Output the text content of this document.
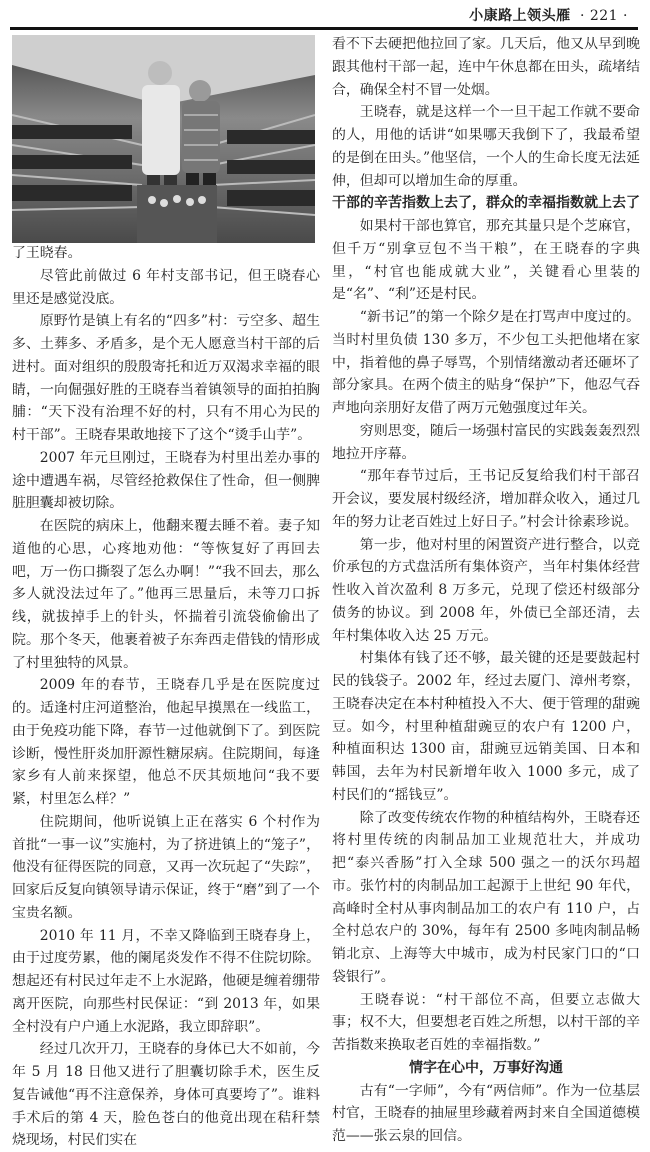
小康路上领头雁 · 221 ·

了王晓春。

尽管此前做过 6 年村支部书记，但王晓春心里还是感觉没底。

原野竹是镇上有名的“四多”村：亏空多、超生多、土葬多、矛盾多，是个无人愿意当村干部的后进村。面对组织的殷殷寄托和近万双渴求幸福的眼睛，一向倔强好胜的王晓春当着镇领导的面拍拍胸脯：“天下没有治理不好的村，只有不用心为民的村干部”。王晓春果敢地接下了这个“烫手山芋”。

2007 年元旦刚过，王晓春为村里出差办事的途中遭遇车祸，尽管经抢救保住了性命，但一侧脾脏胆囊却被切除。

在医院的病床上，他翻来覆去睡不着。妻子知道他的心思，心疼地劝他：“等恢复好了再回去吧，万一伤口撕裂了怎么办啊！”“我不回去，那么多人就没法过年了。”他再三思量后，未等刀口拆线，就拔掉手上的针头，怀揣着引流袋偷偷出了院。那个冬天，他裹着被子东奔西走借钱的情形成了村里独特的风景。

2009 年的春节，王晓春几乎是在医院度过的。适逢村庄河道整治，他起早摸黑在一线监工，由于免疫功能下降，春节一过他就倒下了。到医院诊断，慢性肝炎加肝源性糖尿病。住院期间，每逢家乡有人前来探望，他总不厌其烦地问“我不要紧，村里怎么样？”

住院期间，他听说镇上正在落实 6 个村作为首批“一事一议”实施村，为了挤进镇上的“笼子”，他没有征得医院的同意，又再一次玩起了“失踪”，回家后反复向镇领导请示保证，终于“磨”到了一个宝贵名额。

2010 年 11 月，不幸又降临到王晓春身上，由于过度劳累，他的阑尾炎发作不得不住院切除。想起还有村民过年走不上水泥路，他硬是缠着绷带离开医院，向那些村民保证：“到 2013 年，如果全村没有户户通上水泥路，我立即辞职”。

经过几次开刀，王晓春的身体已大不如前，今年 5 月 18 日他又进行了胆囊切除手术，医生反复告诫他“再不注意保养，身体可真要垮了”。谁料手术后的第 4 天，脸色苍白的他竟出现在秸秆禁烧现场，村民们实在

看不下去硬把他拉回了家。几天后，他又从早到晚跟其他村干部一起，连中午休息都在田头，疏堵结合，确保全村不冒一处烟。

王晓春，就是这样一个一旦干起工作就不要命的人，用他的话讲“如果哪天我倒下了，我最希望的是倒在田头。”他坚信，一个人的生命长度无法延伸，但却可以增加生命的厚重。

干部的辛苦指数上去了，群众的幸福指数就上去了

如果村干部也算官，那充其量只是个芝麻官，但千万“别拿豆包不当干粮”，在王晓春的字典里，“村官也能成就大业”，关键看心里装的是“名”、“利”还是村民。

“新书记”的第一个除夕是在打骂声中度过的。当时村里负债 130 多万，不少包工头把他堵在家中，指着他的鼻子辱骂，个别情绪激动者还砸坏了部分家具。在两个债主的贴身“保护”下，他忍气吞声地向亲朋好友借了两万元勉强度过年关。

穷则思变，随后一场强村富民的实践轰轰烈烈地拉开序幕。

“那年春节过后，王书记反复给我们村干部召开会议，要发展村级经济，增加群众收入，通过几年的努力让老百姓过上好日子。”村会计徐素珍说。

第一步，他对村里的闲置资产进行整合，以竞价承包的方式盘活所有集体资产，当年村集体经营性收入首次盈利 8 万多元，兑现了偿还村级部分债务的协议。到 2008 年，外债已全部还清，去年村集体收入达 25 万元。

村集体有钱了还不够，最关键的还是要鼓起村民的钱袋子。2002 年，经过去厦门、漳州考察，王晓春决定在本村种植投入不大、便于管理的甜豌豆。如今，村里种植甜豌豆的农户有 1200 户，种植面积达 1300 亩，甜豌豆远销美国、日本和韩国，去年为村民新增年收入 1000 多元，成了村民们的“摇钱豆”。

除了改变传统农作物的种植结构外，王晓春还将村里传统的肉制品加工业规范壮大，并成功把“泰兴香肠”打入全球 500 强之一的沃尔玛超市。张竹村的肉制品加工起源于上世纪 90 年代，高峰时全村从事肉制品加工的农户有 110 户，占全村总农户的 30%，每年有 2500 多吨肉制品畅销北京、上海等大中城市，成为村民家门口的“口袋银行”。

王晓春说：“村干部位不高，但要立志做大事；权不大，但要想老百姓之所想，以村干部的辛苦指数来换取老百姓的幸福指数。”

情字在心中，万事好沟通

古有“一字师”，今有“两信师”。作为一位基层村官，王晓春的抽屉里珍藏着两封来自全国道德模范——张云泉的回信。
